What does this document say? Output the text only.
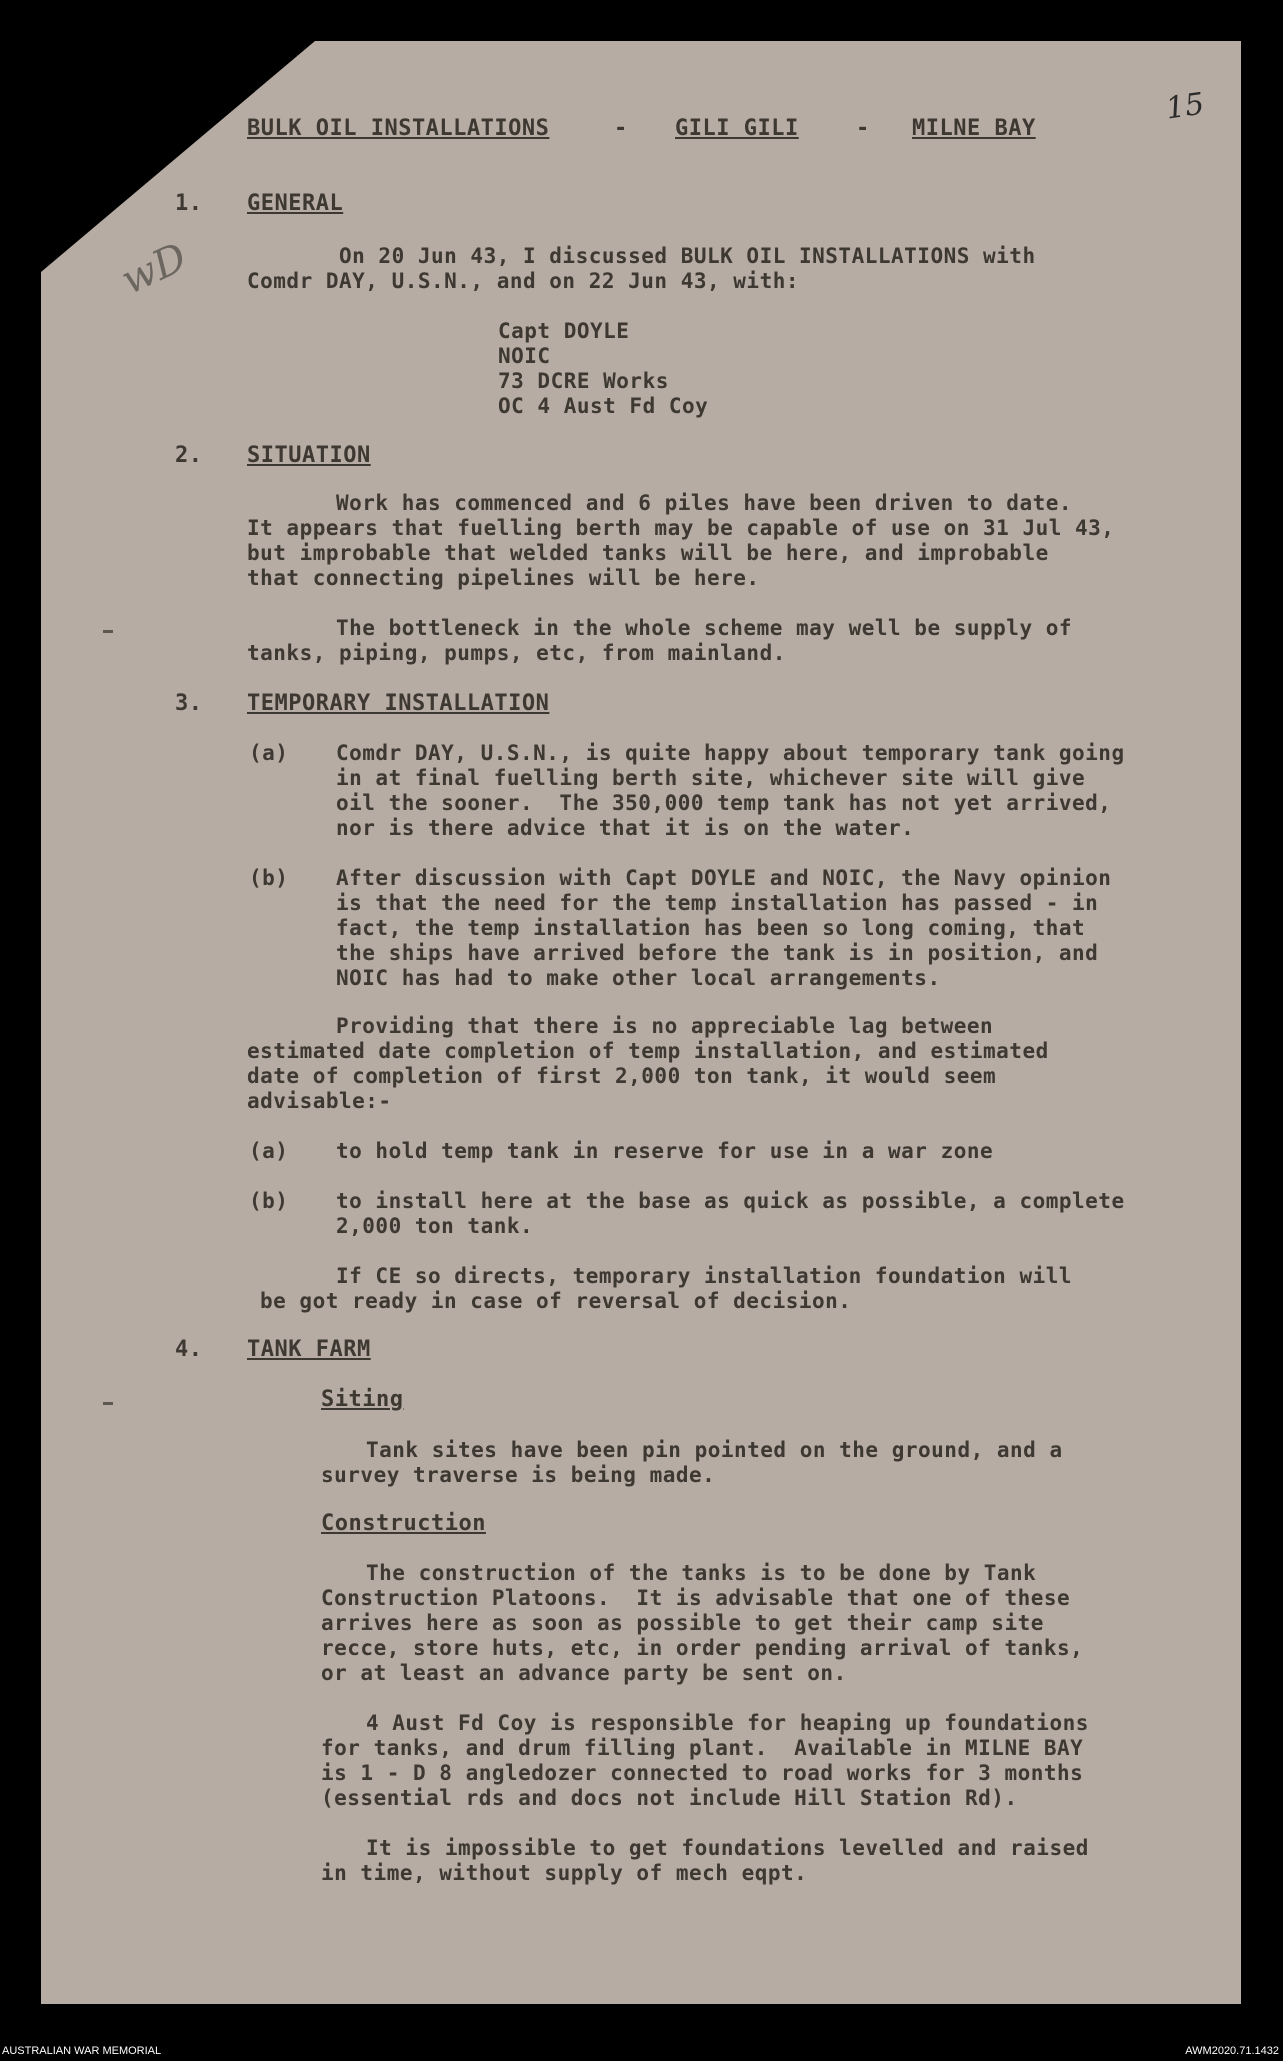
15
wD
BULK OIL INSTALLATIONS	- GILI GILI	- MILNE BAY
1. GENERAL
On 20 Jun 43, I discussed BULK OIL INSTALLATIONS with
Comdr DAY, U.S.N., and on 22 Jun 43, with:
Capt DOYLE
NOIC
73 DCRE Works
OC 4 Aust Fd Coy
2. SITUATION
Work has commenced and 6 piles have been driven to date.
It appears that fuelling berth may be capable of use on 31 Jul 43,
but improbable that welded tanks will be here, and improbable
that connecting pipelines will be here.
The bottleneck in the whole scheme may well be supply of
tanks, piping, pumps, etc, from mainland.
3. TEMPORARY INSTALLATION
(a) Comdr DAY, U.S.N., is quite happy about temporary tank going
in at final fuelling berth site, whichever site will give
oil the sooner.  The 350,000 temp tank has not yet arrived,
nor is there advice that it is on the water.
(b) After discussion with Capt DOYLE and NOIC, the Navy opinion
is that the need for the temp installation has passed - in
fact, the temp installation has been so long coming, that
the ships have arrived before the tank is in position, and
NOIC has had to make other local arrangements.
Providing that there is no appreciable lag between
estimated date completion of temp installation, and estimated
date of completion of first 2,000 ton tank, it would seem
advisable:-
(a) to hold temp tank in reserve for use in a war zone
(b) to install here at the base as quick as possible, a complete
2,000 ton tank.
If CE so directs, temporary installation foundation will
be got ready in case of reversal of decision.
4. TANK FARM
Siting
Tank sites have been pin pointed on the ground, and a
survey traverse is being made.
Construction
The construction of the tanks is to be done by Tank
Construction Platoons.  It is advisable that one of these
arrives here as soon as possible to get their camp site
recce, store huts, etc, in order pending arrival of tanks,
or at least an advance party be sent on.
4 Aust Fd Coy is responsible for heaping up foundations
for tanks, and drum filling plant.  Available in MILNE BAY
is 1 - D 8 angledozer connected to road works for 3 months
(essential rds and docs not include Hill Station Rd).
It is impossible to get foundations levelled and raised
in time, without supply of mech eqpt.
AUSTRALIAN WAR MEMORIAL	AWM2020.71.1432
